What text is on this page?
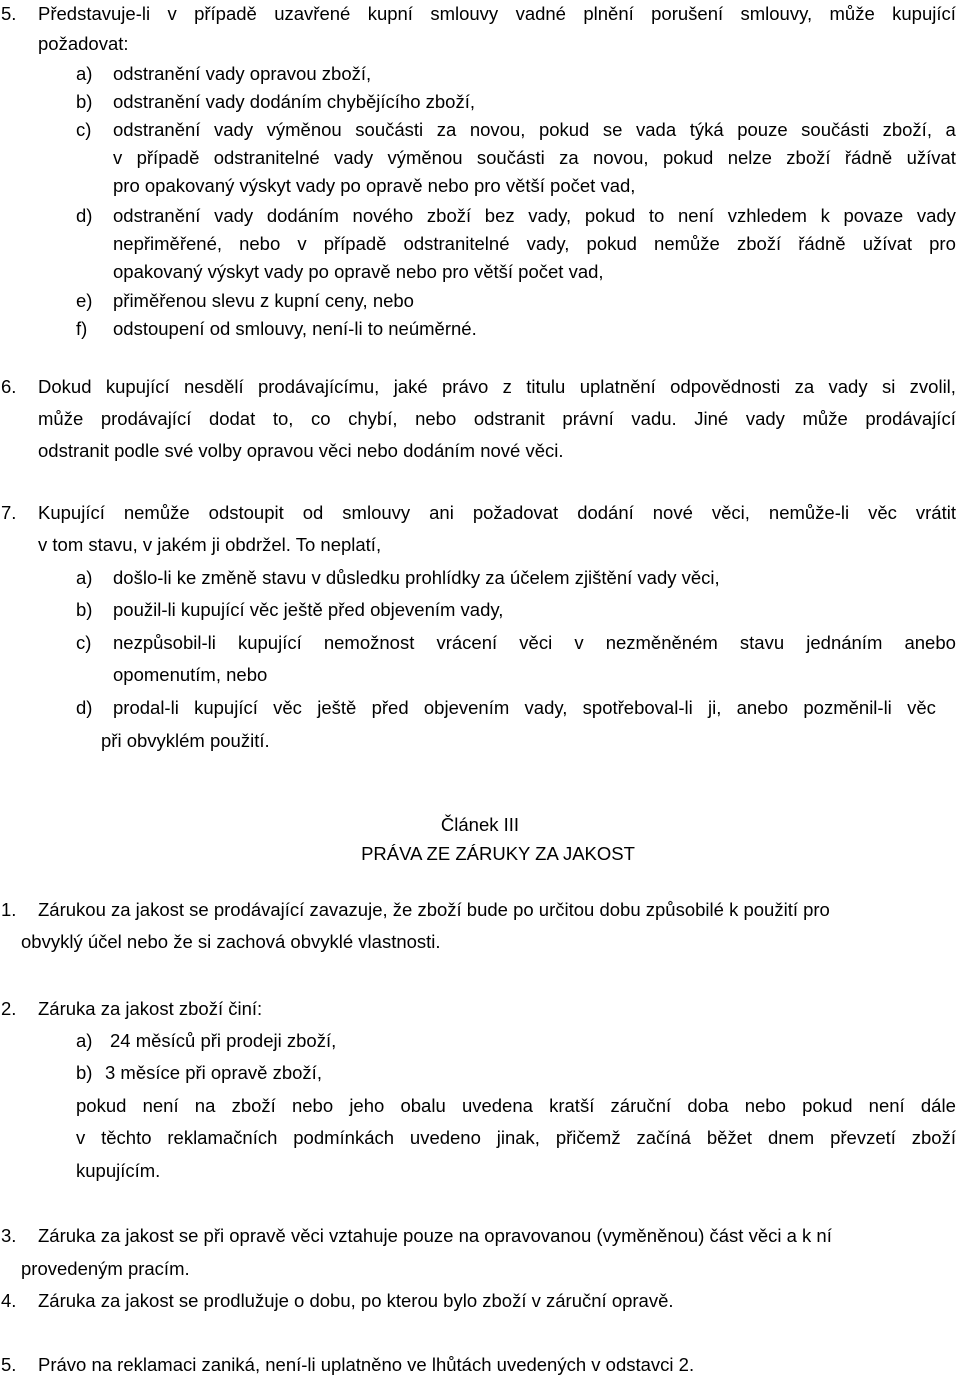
5. Představuje-li v případě uzavřené kupní smlouvy vadné plnění porušení smlouvy, může kupující
požadovat:
a) odstranění vady opravou zboží,
b) odstranění vady dodáním chybějícího zboží,
c) odstranění vady výměnou součásti za novou, pokud se vada týká pouze součásti zboží, a
v případě odstranitelné vady výměnou součásti za novou, pokud nelze zboží řádně užívat
pro opakovaný výskyt vady po opravě nebo pro větší počet vad,
d) odstranění vady dodáním nového zboží bez vady, pokud to není vzhledem k povaze vady
nepřiměřené, nebo v případě odstranitelné vady, pokud nemůže zboží řádně užívat pro
opakovaný výskyt vady po opravě nebo pro větší počet vad,
e) přiměřenou slevu z kupní ceny, nebo
f) odstoupení od smlouvy, není-li to neúměrné.
6. Dokud kupující nesdělí prodávajícímu, jaké právo z titulu uplatnění odpovědnosti za vady si zvolil,
může prodávající dodat to, co chybí, nebo odstranit právní vadu. Jiné vady může prodávající
odstranit podle své volby opravou věci nebo dodáním nové věci.
7. Kupující nemůže odstoupit od smlouvy ani požadovat dodání nové věci, nemůže-li věc vrátit
v tom stavu, v jakém ji obdržel. To neplatí,
a) došlo-li ke změně stavu v důsledku prohlídky za účelem zjištění vady věci,
b) použil-li kupující věc ještě před objevením vady,
c) nezpůsobil-li kupující nemožnost vrácení věci v nezměněném stavu jednáním anebo
opomenutím, nebo
d) prodal-li kupující věc ještě před objevením vady, spotřeboval-li ji, anebo pozměnil-li věc
při obvyklém použití.
Článek III
PRÁVA ZE ZÁRUKY ZA JAKOST
1. Zárukou za jakost se prodávající zavazuje, že zboží bude po určitou dobu způsobilé k použití pro
obvyklý účel nebo že si zachová obvyklé vlastnosti.
2. Záruka za jakost zboží činí:
a) 24 měsíců při prodeji zboží,
b) 3 měsíce při opravě zboží,
pokud není na zboží nebo jeho obalu uvedena kratší záruční doba nebo pokud není dále
v těchto reklamačních podmínkách uvedeno jinak, přičemž začíná běžet dnem převzetí zboží
kupujícím.
3. Záruka za jakost se při opravě věci vztahuje pouze na opravovanou (vyměněnou) část věci a k ní
provedeným pracím.
4. Záruka za jakost se prodlužuje o dobu, po kterou bylo zboží v záruční opravě.
5. Právo na reklamaci zaniká, není-li uplatněno ve lhůtách uvedených v odstavci 2.
